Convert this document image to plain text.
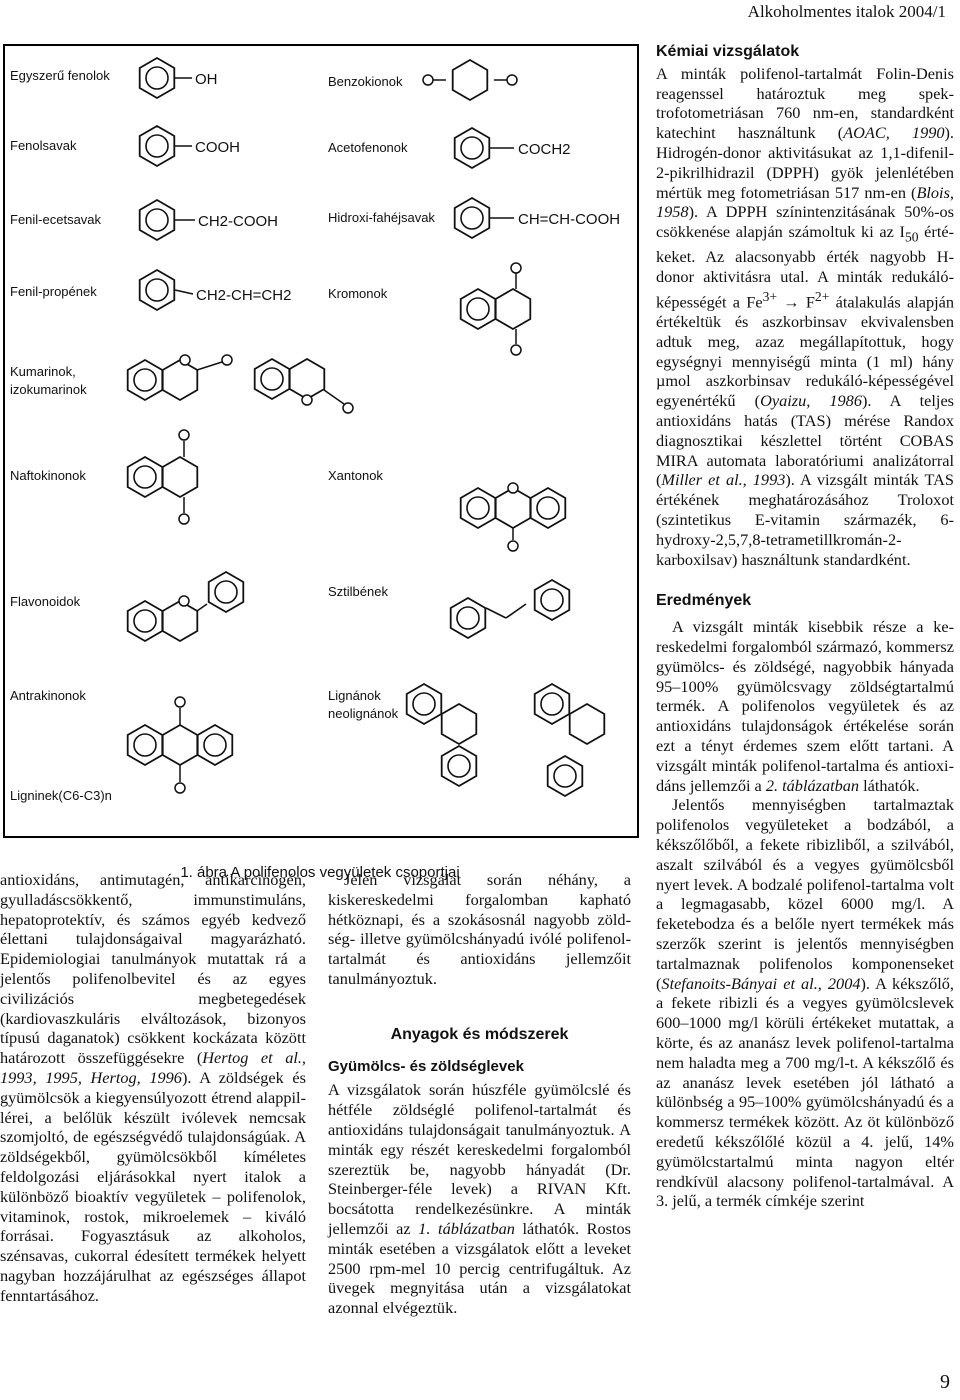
Alkoholmentes italok 2004/1
Egyszerű fenolok
Fenolsavak
Fenil-ecetsavak
Fenil-propének
Kumarinok,
izokumarinok
Naftokinonok
Flavonoidok
Antrakinonok
Ligninek(C6-C3)n
Benzokionok
Acetofenonok
Hidroxi-fahéjsavak
Kromonok
Xantonok
Sztilbének
Lignánok
neolignánok
OH
COOH
CH2-COOH
CH2-CH=CH2
COCH2
CH=CH-COOH
1. ábra A polifenolos vegyületek csoportjai

antioxidáns, antimutagén, antikarcinogén, gyulladáscsökkentő, immunstimuláns, hepatoprotektív, és számos egyéb kedvező élettani tulajdonságaival magyarázható. Epidemiologiai tanulmányok mutattak rá a jelentős polifenolbevitel és az egyes civilizációs megbetegedések (kardiovaszkuláris elváltozások, bizonyos típusú daganatok) csökkent kockázata között határozott összefüggésekre (Hertog et al., 1993, 1995, Hertog, 1996). A zöldségek és gyümölcsök a kiegyensúlyozott étrend alappillérei, a belőlük készült ivólevek nemcsak szomjoltó, de egészségvédő tulajdonságúak. A zöldségekből, gyümölcsökből kíméletes feldolgozási eljárásokkal nyert italok a különböző bioaktív vegyületek – polifenolok, vitaminok, rostok, mikroelemek – kiváló forrásai. Fogyasztásuk az alkoholos, szénsavas, cukorral édesített termékek helyett nagyban hozzájárulhat az egészséges állapot fenntartásához.

Jelen vizsgálat során néhány, a kiskereskedelmi forgalomban kapható hétköznapi, és a szokásosnál nagyobb zöldség- illetve gyümölcshányadú ivólé polifenol-tartalmát és antioxidáns jellemzőit tanulmányoztuk.

Anyagok és módszerek
Gyümölcs- és zöldséglevek

A vizsgálatok során húszféle gyümölcslé és hétféle zöldséglé polifenol-tartalmát és antioxidáns tulajdonságait tanulmányoztuk. A minták egy részét kereskedelmi forgalomból szereztük be, nagyobb hányadát (Dr. Steinberger-féle levek) a RIVAN Kft. bocsátotta rendelkezésünkre. A minták jellemzői az 1. táblázatban láthatók. Rostos minták esetében a vizsgálatok előtt a leveket 2500 rpm-mel 10 percig centrifugáltuk. Az üvegek megnyitása után a vizsgálatokat azonnal elvégeztük.

Kémiai vizsgálatok

A minták polifenol-tartalmát Folin-Denis reagenssel határoztuk meg spektrofotometriásan 760 nm-en, standardként katechint használtunk (AOAC, 1990). Hidrogén-donor aktivitásukat az 1,1-difenil-2-pikrilhidrazil (DPPH) gyök jelenlétében mértük meg fotometriásan 517 nm-en (Blois, 1958). A DPPH színintenzitásának 50%-os csökkenése alapján számoltuk ki az $I_{50}$ értékeket. Az alacsonyabb érték nagyobb H-donor aktivitásra utal. A minták redukáló-képességét a $Fe^{3+} \to F^{2+}$ átalakulás alapján értékeltük és aszkorbinsav ekvivalensben adtuk meg, azaz megállapítottuk, hogy egységnyi mennyiségű minta (1 ml) hány µmol aszkorbinsav redukáló-képességével egyenértékű (Oyaizu, 1986). A teljes antioxidáns hatás (TAS) mérése Randox diagnosztikai készlettel történt COBAS MIRA automata laboratóriumi analizátorral (Miller et al., 1993). A vizsgált minták TAS értékének meghatározásához Troloxot (szintetikus E-vitamin származék, 6-hydroxy-2,5,7,8-tetrametillkromán-2-karboxilsav) használtunk standardként.

Eredmények

A vizsgált minták kisebbik része a kereskedelmi forgalomból származó, kommersz gyümölcs- és zöldségé, nagyobbik hányada 95–100% gyümölcsvagy zöldségtartalmú termék. A polifenolos vegyületek és az antioxidáns tulajdonságok értékelése során ezt a tényt érdemes szem előtt tartani. A vizsgált minták polifenol-tartalma és antioxidáns jellemzői a 2. táblázatban láthatók.

Jelentős mennyiségben tartalmaztak polifenolos vegyületeket a bodzából, a kékszőlőből, a fekete ribizliből, a szilvából, aszalt szilvából és a vegyes gyümölcsből nyert levek. A bodzalé polifenol-tartalma volt a legmagasabb, közel 6000 mg/l. A feketebodza és a belőle nyert termékek más szerzők szerint is jelentős mennyiségben tartalmaznak polifenolos komponenseket (Stefanoits-Bányai et al., 2004). A kékszőlő, a fekete ribizli és a vegyes gyümölcslevek 600–1000 mg/l körüli értékeket mutattak, a körte, és az ananász levek polifenol-tartalma nem haladta meg a 700 mg/l-t. A kékszőlő és az ananász levek esetében jól látható a különbség a 95–100% gyümölcshányadú és a kommersz termékek között. Az öt különböző eredetű kékszőlőlé közül a 4. jelű, 14% gyümölcstartalmú minta nagyon eltér rendkívül alacsony polifenol-tartalmával. A 3. jelű, a termék címkéje szerint

9
